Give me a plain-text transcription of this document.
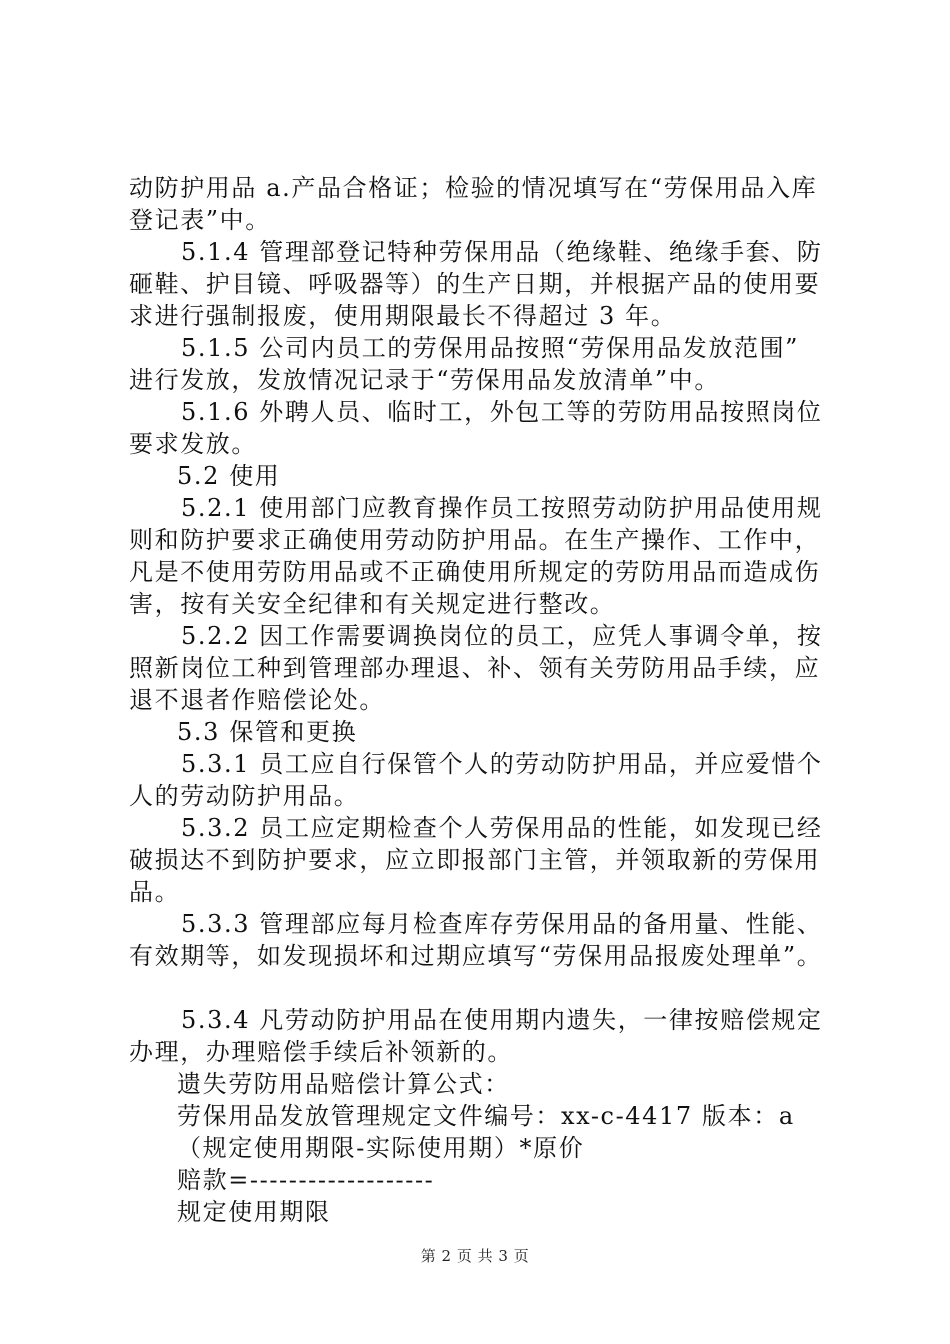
动防护用品 a.产品合格证；检验的情况填写在“劳保用品入库
登记表”中。
5.1.4 管理部登记特种劳保用品（绝缘鞋、绝缘手套、防
砸鞋、护目镜、呼吸器等）的生产日期，并根据产品的使用要
求进行强制报废，使用期限最长不得超过 3 年。
5.1.5 公司内员工的劳保用品按照“劳保用品发放范围”
进行发放，发放情况记录于“劳保用品发放清单”中。
5.1.6 外聘人员、临时工，外包工等的劳防用品按照岗位
要求发放。
5.2 使用
5.2.1 使用部门应教育操作员工按照劳动防护用品使用规
则和防护要求正确使用劳动防护用品。在生产操作、工作中，
凡是不使用劳防用品或不正确使用所规定的劳防用品而造成伤
害，按有关安全纪律和有关规定进行整改。
5.2.2 因工作需要调换岗位的员工，应凭人事调令单，按
照新岗位工种到管理部办理退、补、领有关劳防用品手续，应
退不退者作赔偿论处。
5.3 保管和更换
5.3.1 员工应自行保管个人的劳动防护用品，并应爱惜个
人的劳动防护用品。
5.3.2 员工应定期检查个人劳保用品的性能，如发现已经
破损达不到防护要求，应立即报部门主管，并领取新的劳保用
品。
5.3.3 管理部应每月检查库存劳保用品的备用量、性能、
有效期等，如发现损坏和过期应填写“劳保用品报废处理单”。
5.3.4 凡劳动防护用品在使用期内遗失，一律按赔偿规定
办理，办理赔偿手续后补领新的。
遗失劳防用品赔偿计算公式：
劳保用品发放管理规定文件编号：xx-c-4417 版本：a
（规定使用期限-实际使用期）*原价
赔款=-------------------
规定使用期限
第 2 页 共 3 页
